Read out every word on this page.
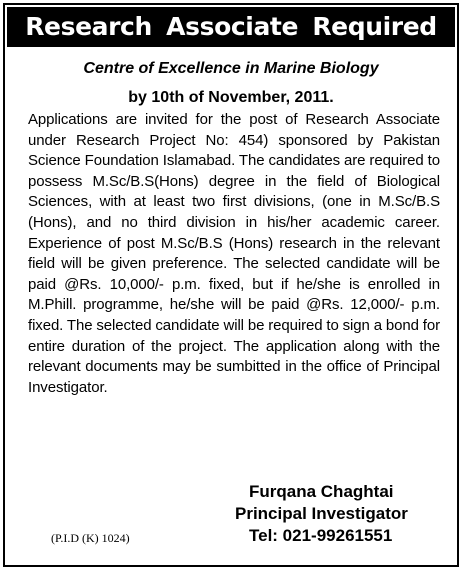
Research Associate Required
Centre of Excellence in Marine Biology
by 10th of November, 2011.

Applications are invited for the post of Research Associate under Research Project No: 454) sponsored by Pakistan Science Foundation Islamabad. The candidates are required to possess M.Sc/B.S(Hons) degree in the field of Biological Sciences, with at least two first divisions, (one in M.Sc/B.S (Hons), and no third division in his/her academic career. Experience of post M.Sc/B.S (Hons) research in the relevant field will be given preference. The selected candidate will be paid @Rs. 10,000/- p.m. fixed, but if he/she is enrolled in M.Phill. programme, he/she will be paid @Rs. 12,000/- p.m. fixed. The selected candidate will be required to sign a bond for entire duration of the project. The application along with the relevant documents may be sumbitted in the office of Principal Investigator.

Furqana Chaghtai
Principal Investigator
Tel: 021-99261551
(P.I.D (K) 1024)
